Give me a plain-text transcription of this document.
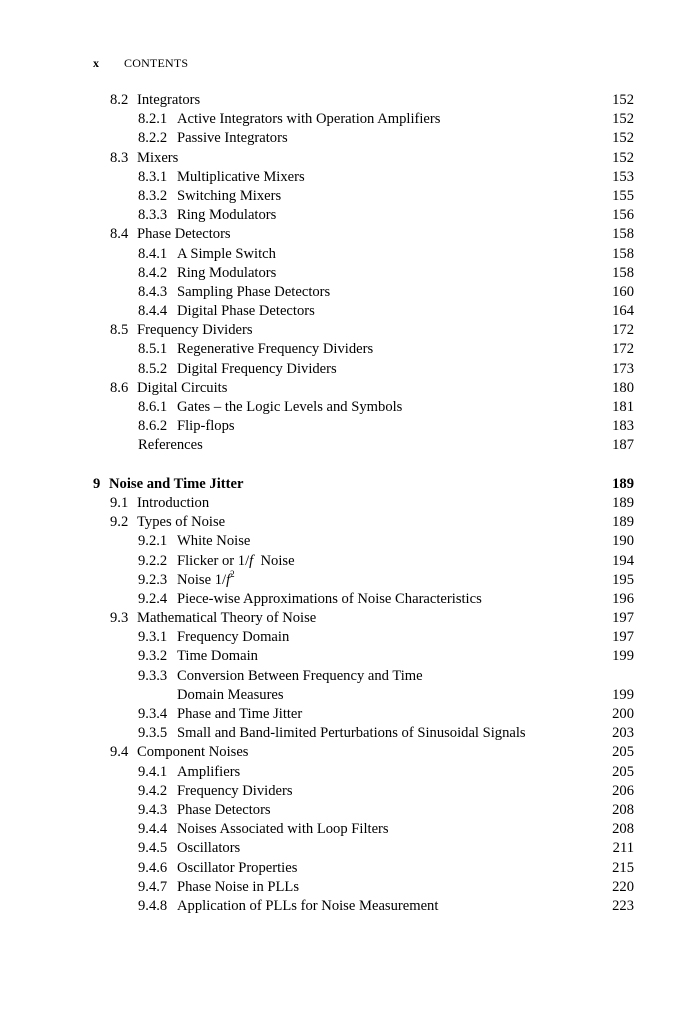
x CONTENTS
8.2 Integrators	152
8.2.1 Active Integrators with Operation Amplifiers	152
8.2.2 Passive Integrators	152
8.3 Mixers	152
8.3.1 Multiplicative Mixers	153
8.3.2 Switching Mixers	155
8.3.3 Ring Modulators	156
8.4 Phase Detectors	158
8.4.1 A Simple Switch	158
8.4.2 Ring Modulators	158
8.4.3 Sampling Phase Detectors	160
8.4.4 Digital Phase Detectors	164
8.5 Frequency Dividers	172
8.5.1 Regenerative Frequency Dividers	172
8.5.2 Digital Frequency Dividers	173
8.6 Digital Circuits	180
8.6.1 Gates – the Logic Levels and Symbols	181
8.6.2 Flip-flops	183
References	187
9 Noise and Time Jitter	189
9.1 Introduction	189
9.2 Types of Noise	189
9.2.1 White Noise	190
9.2.2 Flicker or 1/f  Noise	194
9.2.3 Noise $1/f^2$	195
9.2.4 Piece-wise Approximations of Noise Characteristics	196
9.3 Mathematical Theory of Noise	197
9.3.1 Frequency Domain	197
9.3.2 Time Domain	199
9.3.3 Conversion Between Frequency and Time
Domain Measures	199
9.3.4 Phase and Time Jitter	200
9.3.5 Small and Band-limited Perturbations of Sinusoidal Signals	203
9.4 Component Noises	205
9.4.1 Amplifiers	205
9.4.2 Frequency Dividers	206
9.4.3 Phase Detectors	208
9.4.4 Noises Associated with Loop Filters	208
9.4.5 Oscillators	211
9.4.6 Oscillator Properties	215
9.4.7 Phase Noise in PLLs	220
9.4.8 Application of PLLs for Noise Measurement	223
